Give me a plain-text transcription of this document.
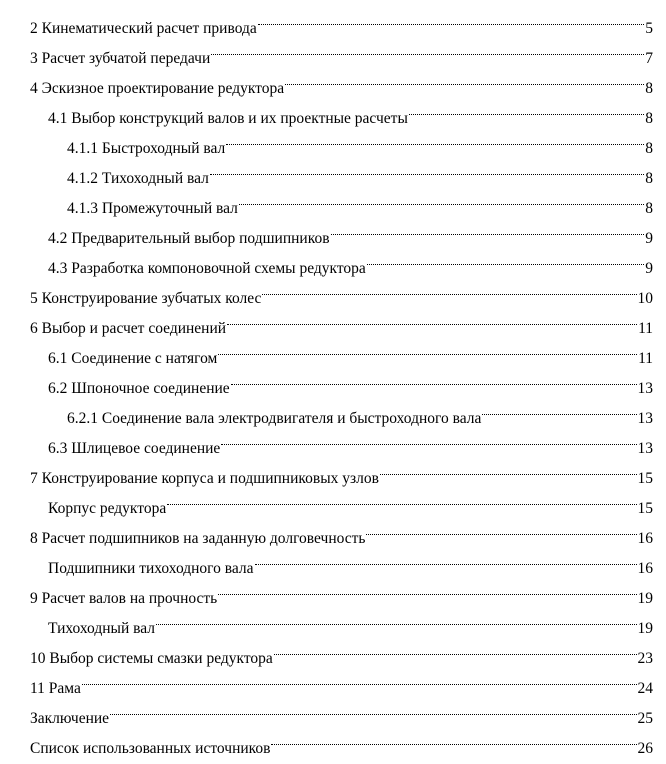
2 Кинематический расчет привода	5
3 Расчет зубчатой передачи	7
4 Эскизное проектирование редуктора	8
4.1 Выбор конструкций валов и их проектные расчеты	8
4.1.1 Быстроходный вал	8
4.1.2 Тихоходный вал	8
4.1.3 Промежуточный вал	8
4.2 Предварительный выбор подшипников	9
4.3 Разработка компоновочной схемы редуктора	9
5 Конструирование зубчатых колес	10
6 Выбор и расчет соединений	11
6.1 Соединение с натягом	11
6.2 Шпоночное соединение	13
6.2.1 Соединение вала электродвигателя и быстроходного вала	13
6.3 Шлицевое соединение	13
7 Конструирование корпуса и подшипниковых узлов	15
Корпус редуктора	15
8 Расчет подшипников на заданную долговечность	16
Подшипники тихоходного вала	16
9 Расчет валов на прочность	19
Тихоходный вал	19
10 Выбор системы смазки редуктора	23
11 Рама	24
Заключение	25
Список использованных источников	26
